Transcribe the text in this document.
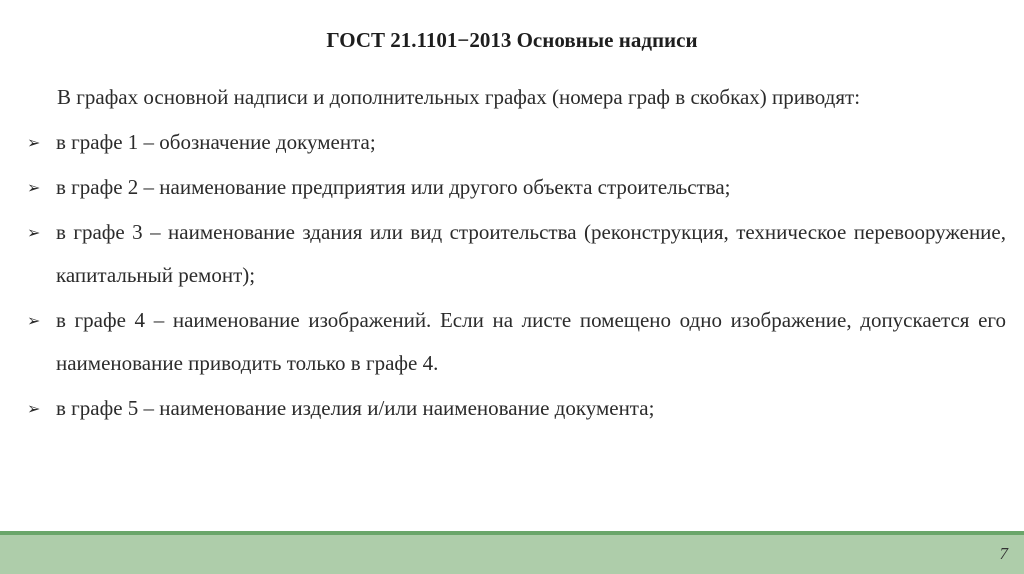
ГОСТ 21.1101−2013 Основные надписи

В графах основной надписи и дополнительных графах (номера граф в скобках) приводят:

➢ в графе 1 – обозначение документа;
➢ в графе 2 – наименование предприятия или другого объекта строительства;
➢ в графе 3 – наименование здания или вид строительства (реконструкция, техническое перевооружение, капитальный ремонт);
➢ в графе 4 – наименование изображений. Если на листе помещено одно изображение, допускается его наименование приводить только в графе 4.
➢ в графе 5 – наименование изделия и/или наименование документа;
7
